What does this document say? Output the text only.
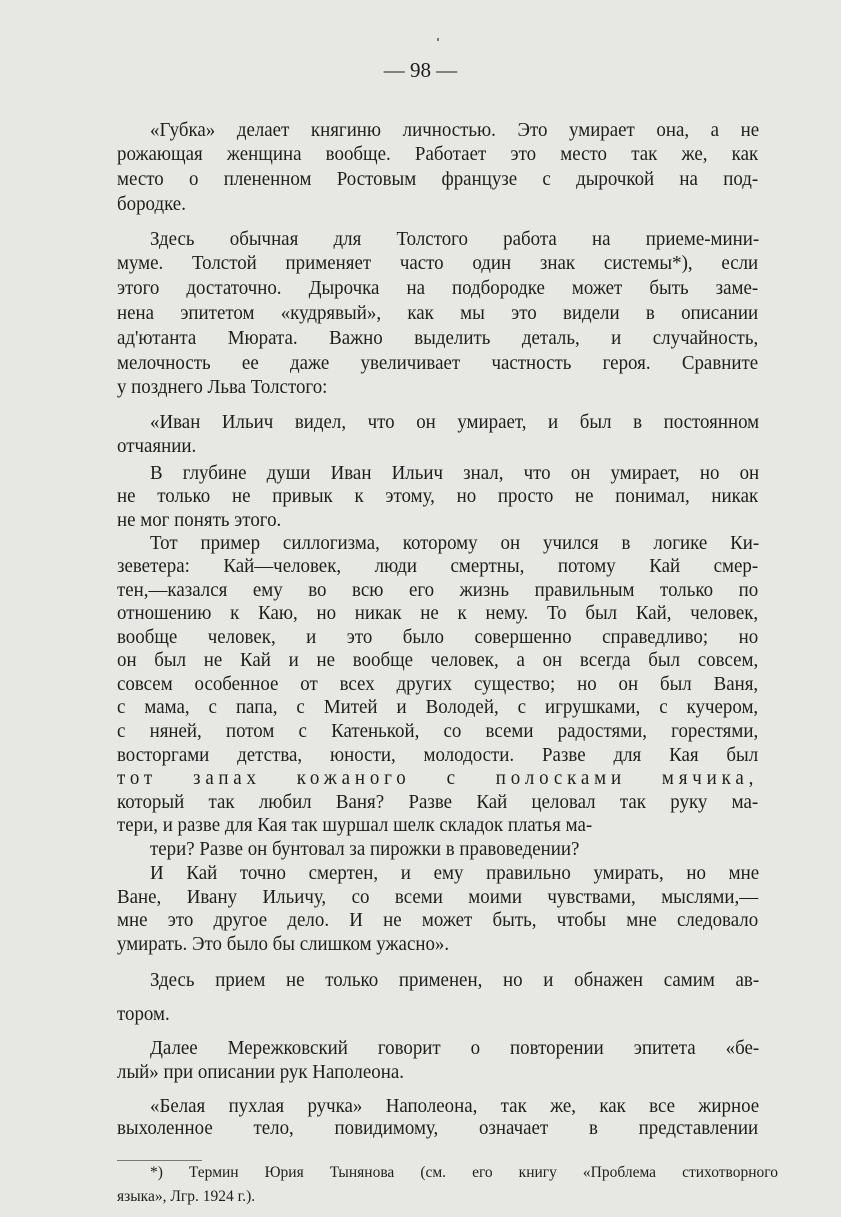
— 98 —
«Губка» делает княгиню личностью. Это умирает она, а не
рожающая женщина вообще. Работает это место так же, как
место о плененном Ростовым французе с дырочкой на под-
бородке.
Здесь обычная для Толстого работа на приеме-мини-
муме. Толстой применяет часто один знак системы*), если
этого достаточно. Дырочка на подбородке может быть заме-
нена эпитетом «кудрявый», как мы это видели в описании
ад'ютанта Мюрата. Важно выделить деталь, и случайность,
мелочность ее даже увеличивает частность героя. Сравните
у позднего Льва Толстого:
«Иван Ильич видел, что он умирает, и был в постоянном
отчаянии.
В глубине души Иван Ильич знал, что он умирает, но он
не только не привык к этому, но просто не понимал, никак
не мог понять этого.
Тот пример силлогизма, которому он учился в логике Ки-
зеветера: Кай—человек, люди смертны, потому Кай смер-
тен,—казался ему во всю его жизнь правильным только по
отношению к Каю, но никак не к нему. То был Кай, человек,
вообще человек, и это было совершенно справедливо; но
он был не Кай и не вообще человек, а он всегда был совсем,
совсем особенное от всех других существо; но он был Ваня,
с мама, с папа, с Митей и Володей, с игрушками, с кучером,
с няней, потом с Катенькой, со всеми радостями, горестями,
восторгами детства, юности, молодости. Разве для Кая был
тот запах кожаного с полосками мячика,
который так любил Ваня? Разве Кай целовал так руку ма-
тери, и разве для Кая так шуршал шелк складок платья ма-
тери? Разве он бунтовал за пирожки в правоведении?
И Кай точно смертен, и ему правильно умирать, но мне
Ване, Ивану Ильичу, со всеми моими чувствами, мыслями,—
мне это другое дело. И не может быть, чтобы мне следовало
умирать. Это было бы слишком ужасно».
Здесь прием не только применен, но и обнажен самим ав-
тором.
Далее Мережковский говорит о повторении эпитета «бе-
лый» при описании рук Наполеона.
«Белая пухлая ручка» Наполеона, так же, как все жирное
выхоленное тело, повидимому, означает в представлении
*) Термин Юрия Тынянова (см. его книгу «Проблема стихотворного
языка», Лгр. 1924 г.).
